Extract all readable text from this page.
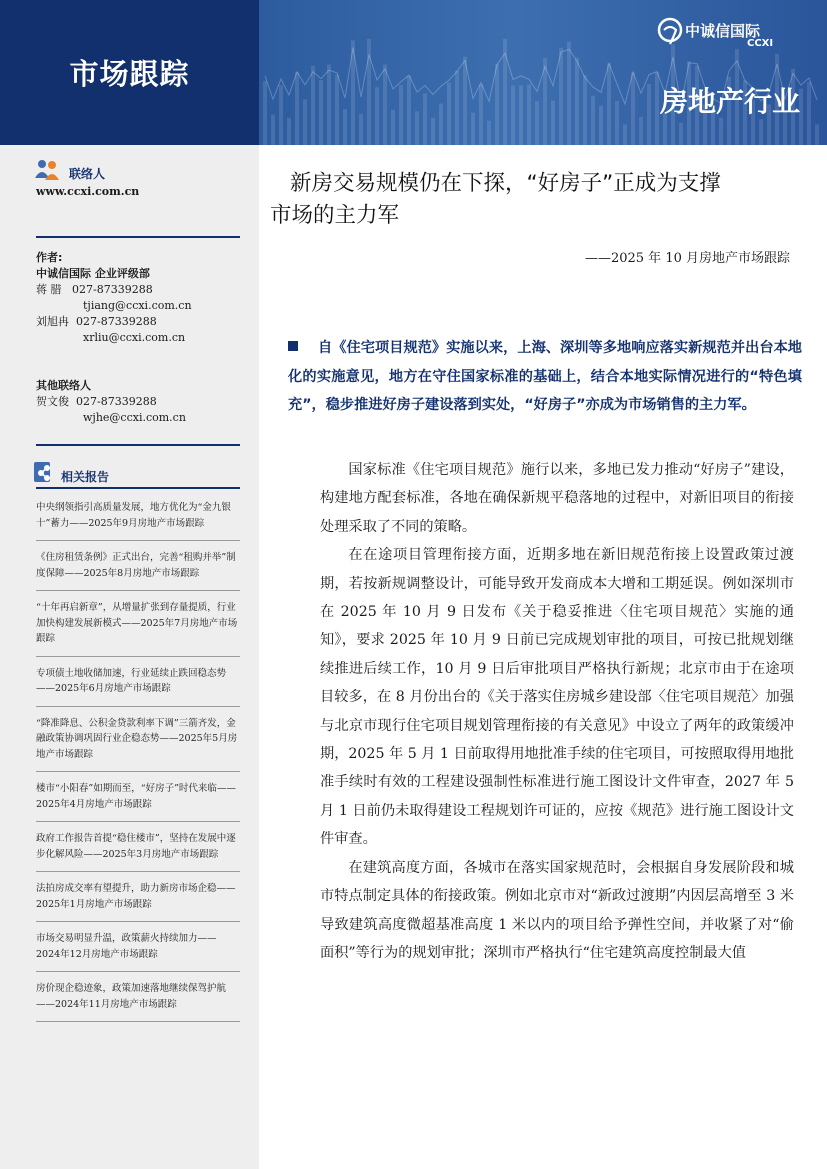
市场跟踪
中诚信国际
CCXI
房地产行业
联络人
www.ccxi.com.cn
作者:
中诚信国际 企业评级部
蒋 腊 027-87339288
tjiang@ccxi.com.cn
刘旭冉 027-87339288
xrliu@ccxi.com.cn
其他联络人
贺文俊 027-87339288
wjhe@ccxi.com.cn
相关报告
中央纲领指引高质量发展，地方优化为“金九银十”蓄力——2025年9月房地产市场跟踪
《住房租赁条例》正式出台，完善“租购并举”制度保障——2025年8月房地产市场跟踪
“十年再启新章”，从增量扩张到存量提质，行业加快构建发展新模式——2025年7月房地产市场跟踪
专项债土地收储加速，行业延续止跌回稳态势——2025年6月房地产市场跟踪
“降准降息、公积金贷款利率下调”三箭齐发，金融政策协调巩固行业企稳态势——2025年5月房地产市场跟踪
楼市“小阳春”如期而至，“好房子”时代来临——2025年4月房地产市场跟踪
政府工作报告首提“稳住楼市”，坚持在发展中逐步化解风险——2025年3月房地产市场跟踪
法拍房成交率有望提升，助力新房市场企稳——2025年1月房地产市场跟踪
市场交易明显升温，政策薪火持续加力——2024年12月房地产市场跟踪
房价现企稳迹象，政策加速落地继续保驾护航——2024年11月房地产市场跟踪
新房交易规模仍在下探，“好房子”正成为支撑
市场的主力军
——2025 年 10 月房地产市场跟踪
自《住宅项目规范》实施以来，上海、深圳等多地响应落实新规范并出台本地化的实施意见，地方在守住国家标准的基础上，结合本地实际情况进行的“特色填充”，稳步推进好房子建设落到实处，“好房子”亦成为市场销售的主力军。

国家标准《住宅项目规范》施行以来，多地已发力推动“好房子”建设，构建地方配套标准，各地在确保新规平稳落地的过程中，对新旧项目的衔接处理采取了不同的策略。

在在途项目管理衔接方面，近期多地在新旧规范衔接上设置政策过渡期，若按新规调整设计，可能导致开发商成本大增和工期延误。例如深圳市在 2025 年 10 月 9 日发布《关于稳妥推进〈住宅项目规范〉实施的通知》，要求 2025 年 10 月 9 日前已完成规划审批的项目，可按已批规划继续推进后续工作，10 月 9 日后审批项目严格执行新规；北京市由于在途项目较多，在 8 月份出台的《关于落实住房城乡建设部〈住宅项目规范〉加强与北京市现行住宅项目规划管理衔接的有关意见》中设立了两年的政策缓冲期，2025 年 5 月 1 日前取得用地批准手续的住宅项目，可按照取得用地批准手续时有效的工程建设强制性标准进行施工图设计文件审查，2027 年 5 月 1 日前仍未取得建设工程规划许可证的，应按《规范》进行施工图设计文件审查。

在建筑高度方面，各城市在落实国家规范时，会根据自身发展阶段和城市特点制定具体的衔接政策。例如北京市对“新政过渡期”内因层高增至 3 米导致建筑高度微超基准高度 1 米以内的项目给予弹性空间，并收紧了对“偷面积”等行为的规划审批；深圳市严格执行“住宅建筑高度控制最大值
